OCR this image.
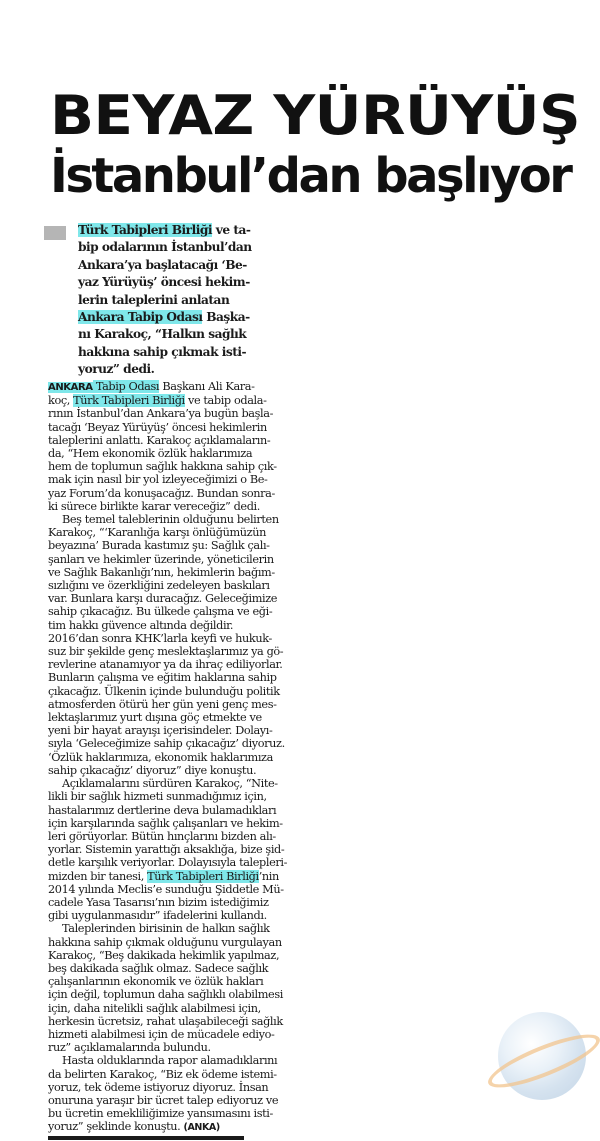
BEYAZ YÜRÜYÜŞ
İstanbul’dan başlıyor

Türk Tabipleri Birliği ve ta-

bip odalarının İstanbul’dan

Ankara’ya başlatacağı ‘Be-

yaz Yürüyüş’ öncesi hekim-

lerin taleplerini anlatan

Ankara Tabip Odası Başka-

nı Karakoç, “Halkın sağlık

hakkına sahip çıkmak isti-

yoruz” dedi.

ANKARA Tabip Odası Başkanı Ali Kara-

koç, Türk Tabipleri Birliği ve tabip odala-

rının İstanbul’dan Ankara’ya bugün başla-

tacağı ‘Beyaz Yürüyüş’ öncesi hekimlerin

taleplerini anlattı. Karakoç açıklamaların-

da, “Hem ekonomik özlük haklarımıza

hem de toplumun sağlık hakkına sahip çık-

mak için nasıl bir yol izleyeceğimizi o Be-

yaz Forum’da konuşacağız. Bundan sonra-

ki sürece birlikte karar vereceğiz” dedi.

Beş temel taleblerinin olduğunu belirten

Karakoç, “‘Karanlığa karşı önlüğümüzün

beyazına’ Burada kastımız şu: Sağlık çalı-

şanları ve hekimler üzerinde, yöneticilerin

ve Sağlık Bakanlığı’nın, hekimlerin bağım-

sızlığını ve özerkliğini zedeleyen baskıları

var. Bunlara karşı duracağız. Geleceğimize

sahip çıkacağız. Bu ülkede çalışma ve eği-

tim hakkı güvence altında değildir.

2016’dan sonra KHK’larla keyfi ve hukuk-

suz bir şekilde genç meslektaşlarımız ya gö-

revlerine atanamıyor ya da ihraç ediliyorlar.

Bunların çalışma ve eğitim haklarına sahip

çıkacağız. Ülkenin içinde bulunduğu politik

atmosferden ötürü her gün yeni genç mes-

lektaşlarımız yurt dışına göç etmekte ve

yeni bir hayat arayışı içerisindeler. Dolayı-

sıyla ‘Geleceğimize sahip çıkacağız’ diyoruz.

‘Özlük haklarımıza, ekonomik haklarımıza

sahip çıkacağız’ diyoruz” diye konuştu.

Açıklamalarını sürdüren Karakoç, “Nite-

likli bir sağlık hizmeti sunmadığımız için,

hastalarımız dertlerine deva bulamadıkları

için karşılarında sağlık çalışanları ve hekim-

leri görüyorlar. Bütün hınçlarını bizden alı-

yorlar. Sistemin yarattığı aksaklığa, bize şid-

detle karşılık veriyorlar. Dolayısıyla talepleri-

mizden bir tanesi, Türk Tabipleri Birliği’nin

2014 yılında Meclis’e sunduğu Şiddetle Mü-

cadele Yasa Tasarısı’nın bizim istediğimiz

gibi uygulanmasıdır” ifadelerini kullandı.

Taleplerinden birisinin de halkın sağlık

hakkına sahip çıkmak olduğunu vurgulayan

Karakoç, “Beş dakikada hekimlik yapılmaz,

beş dakikada sağlık olmaz. Sadece sağlık

çalışanlarının ekonomik ve özlük hakları

için değil, toplumun daha sağlıklı olabilmesi

için, daha nitelikli sağlık alabilmesi için,

herkesin ücretsiz, rahat ulaşabileceği sağlık

hizmeti alabilmesi için de mücadele ediyo-

ruz” açıklamalarında bulundu.

Hasta olduklarında rapor alamadıklarını

da belirten Karakoç, “Biz ek ödeme istemi-

yoruz, tek ödeme istiyoruz diyoruz. İnsan

onuruna yaraşır bir ücret talep ediyoruz ve

bu ücretin emekliliğimize yansımasını isti-

yoruz” şeklinde konuştu. (ANKA)
